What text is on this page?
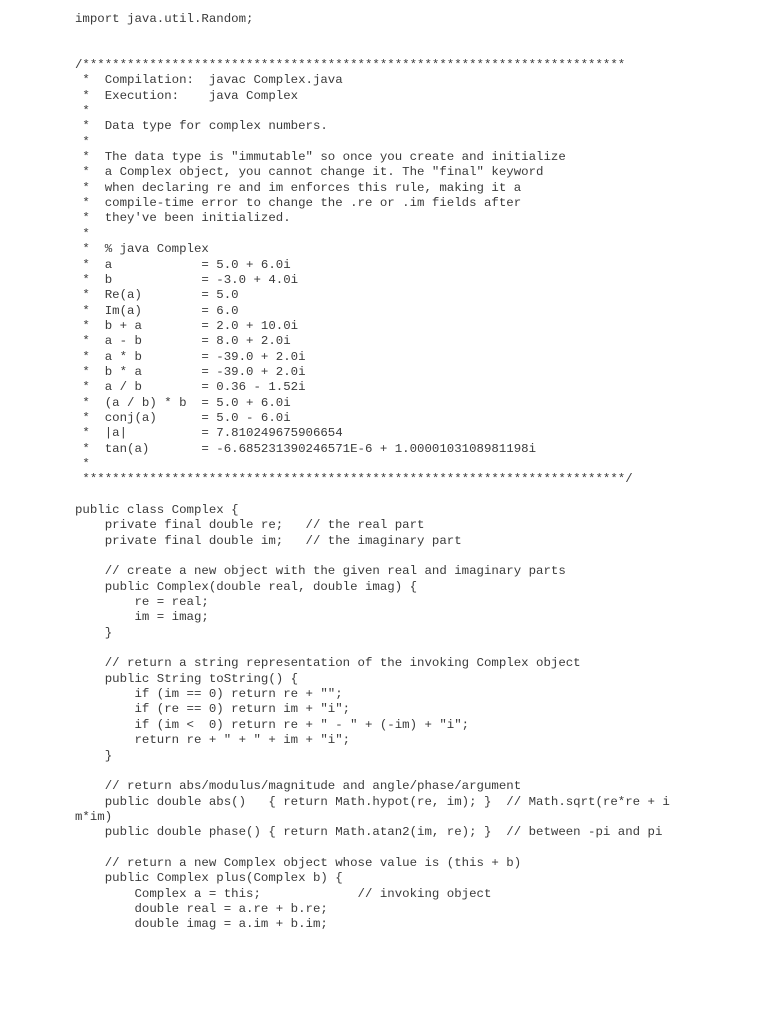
import java.util.Random;
/*************************************************************************
*  Compilation:  javac Complex.java
*  Execution:    java Complex
*
*  Data type for complex numbers.
*
*  The data type is "immutable" so once you create and initialize
*  a Complex object, you cannot change it. The "final" keyword
*  when declaring re and im enforces this rule, making it a
*  compile-time error to change the .re or .im fields after
*  they've been initialized.
*
*  % java Complex
*  a            = 5.0 + 6.0i
*  b            = -3.0 + 4.0i
*  Re(a)        = 5.0
*  Im(a)        = 6.0
*  b + a        = 2.0 + 10.0i
*  a - b        = 8.0 + 2.0i
*  a * b        = -39.0 + 2.0i
*  b * a        = -39.0 + 2.0i
*  a / b        = 0.36 - 1.52i
*  (a / b) * b  = 5.0 + 6.0i
*  conj(a)      = 5.0 - 6.0i
*  |a|          = 7.810249675906654
*  tan(a)       = -6.685231390246571E-6 + 1.0000103108981198i
*
*************************************************************************/
public class Complex {
private final double re;   // the real part
private final double im;   // the imaginary part
// create a new object with the given real and imaginary parts
public Complex(double real, double imag) {
re = real;
im = imag;
}
// return a string representation of the invoking Complex object
public String toString() {
if (im == 0) return re + "";
if (re == 0) return im + "i";
if (im <  0) return re + " - " + (-im) + "i";
return re + " + " + im + "i";
}
// return abs/modulus/magnitude and angle/phase/argument
public double abs()   { return Math.hypot(re, im); }  // Math.sqrt(re*re + i
m*im)
public double phase() { return Math.atan2(im, re); }  // between -pi and pi
// return a new Complex object whose value is (this + b)
public Complex plus(Complex b) {
Complex a = this;             // invoking object
double real = a.re + b.re;
double imag = a.im + b.im;
